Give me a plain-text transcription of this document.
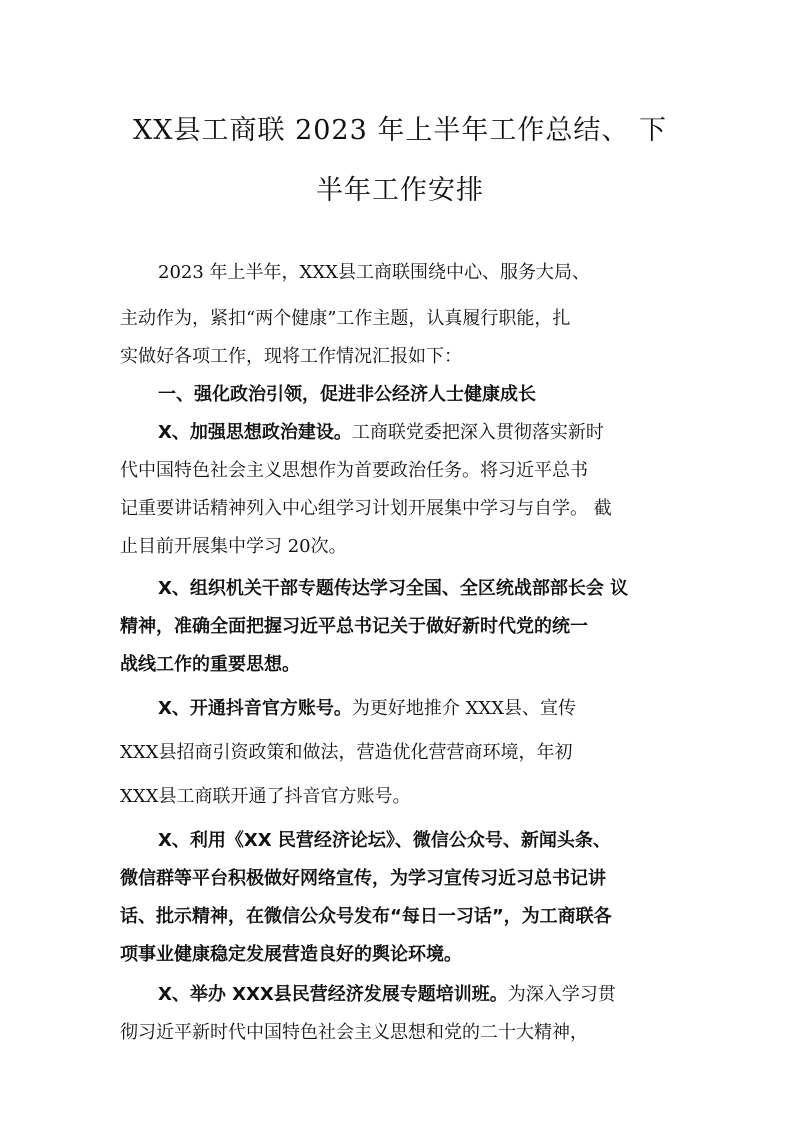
XX县工商联 2023 年上半年工作总结、 下
半年工作安排

2023 年上半年，XXX县工商联围绕中心、服务大局、

主动作为，紧扣“两个健康”工作主题，认真履行职能，扎

实做好各项工作，现将工作情况汇报如下：

一、强化政治引领，促进非公经济人士健康成长

X、加强思想政治建设。工商联党委把深入贯彻落实新时

代中国特色社会主义思想作为首要政治任务。将习近平总书

记重要讲话精神列入中心组学习计划开展集中学习与自学。 截

止目前开展集中学习 20次。

X、组织机关干部专题传达学习全国、全区统战部部长会 议

精神，准确全面把握习近平总书记关于做好新时代党的统一

战线工作的重要思想。

X、开通抖音官方账号。为更好地推介 XXX县、宣传

XXX县招商引资政策和做法，营造优化营营商环境，年初

XXX县工商联开通了抖音官方账号。

X、利用《XX 民营经济论坛》、微信公众号、新闻头条、

微信群等平台积极做好网络宣传，为学习宣传习近习总书记讲

话、批示精神，在微信公众号发布“每日一习话”，为工商联各

项事业健康稳定发展营造良好的舆论环境。

X、举办 XXX县民营经济发展专题培训班。为深入学习贯

彻习近平新时代中国特色社会主义思想和党的二十大精神，
